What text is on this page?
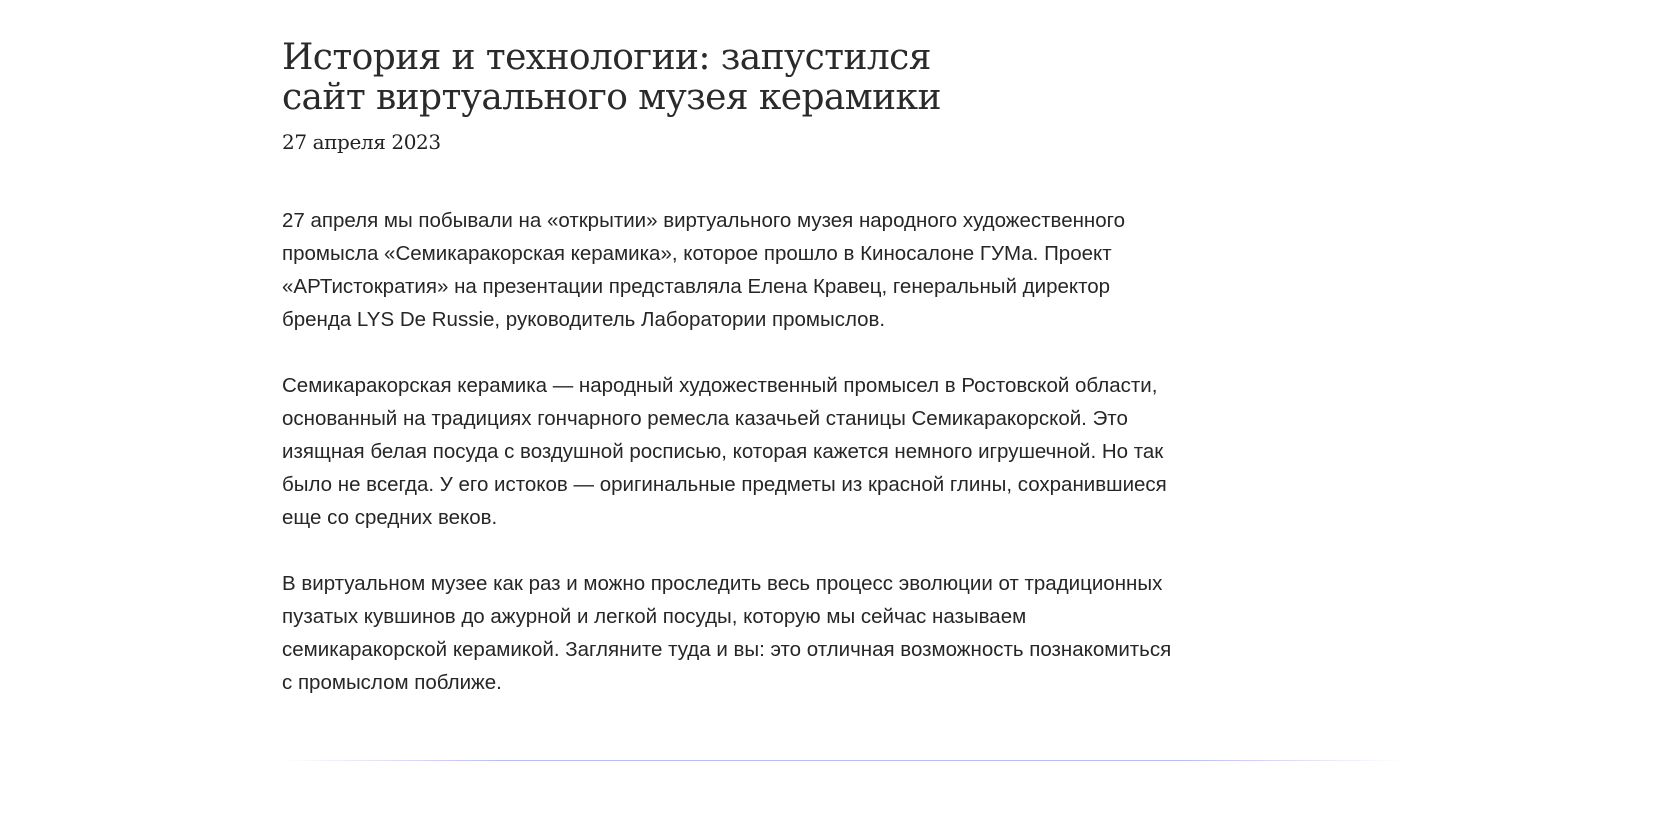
История и технологии: запустился сайт виртуального музея керамики
27 апреля 2023

27 апреля мы побывали на «открытии» виртуального музея народного художественного промысла «Семикаракорская керамика», которое прошло в Киносалоне ГУМа. Проект «АРТистократия» на презентации представляла Елена Кравец, генеральный директор бренда LYS De Russie, руководитель Лаборатории промыслов.

Семикаракорская керамика — народный художественный промысел в Ростовской области, основанный на традициях гончарного ремесла казачьей станицы Семикаракорской. Это изящная белая посуда с воздушной росписью, которая кажется немного игрушечной. Но так было не всегда. У его истоков — оригинальные предметы из красной глины, сохранившиеся еще со средних веков.

В виртуальном музее как раз и можно проследить весь процесс эволюции от традиционных пузатых кувшинов до ажурной и легкой посуды, которую мы сейчас называем семикаракорской керамикой. Загляните туда и вы: это отличная возможность познакомиться с промыслом поближе.
